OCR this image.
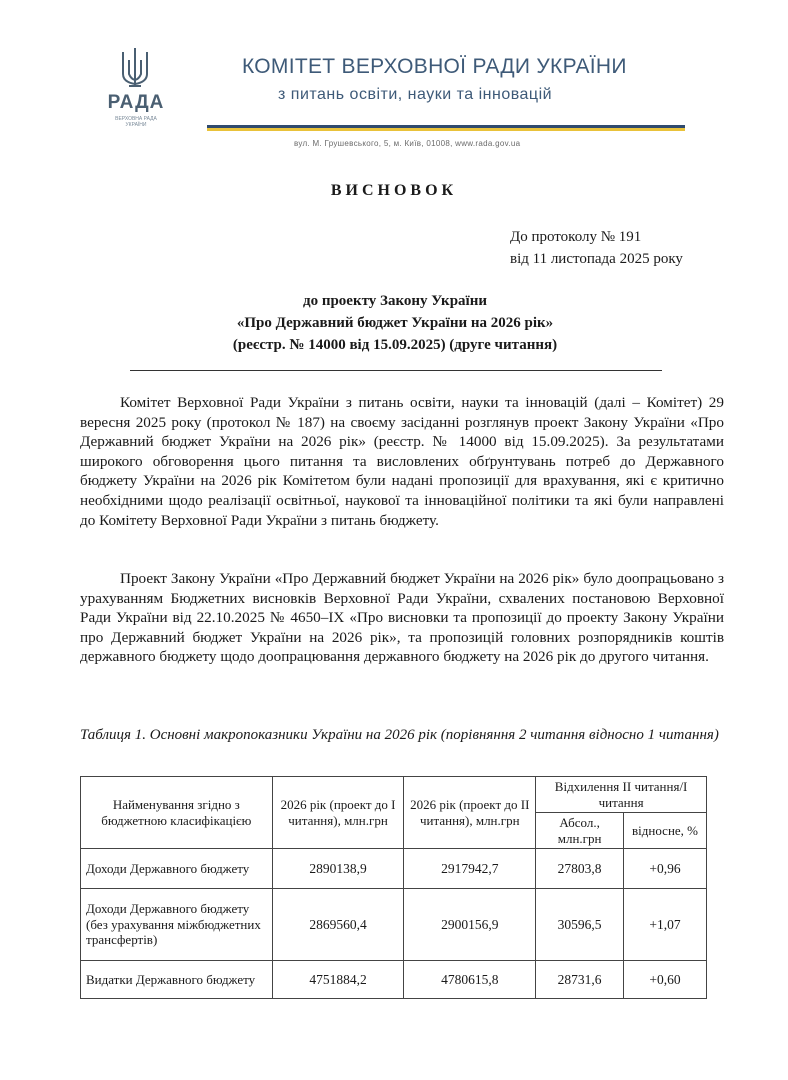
РАДА
ВЕРХОВНА РАДА УКРАЇНИ
КОМІТЕТ ВЕРХОВНОЇ РАДИ УКРАЇНИ
з питань освіти, науки та інновацій
вул. М. Грушевського, 5, м. Київ, 01008, www.rada.gov.ua
ВИСНОВОК
До протоколу № 191
від 11 листопада 2025 року
до проекту Закону України
«Про Державний бюджет України на 2026 рік»
(реєстр. № 14000 від 15.09.2025) (друге читання)
Комітет Верховної Ради України з питань освіти, науки та інновацій (далі – Комітет) 29 вересня 2025 року (протокол № 187) на своєму засіданні розглянув проект Закону України «Про Державний бюджет України на 2026 рік» (реєстр. № 14000 від 15.09.2025). За результатами широкого обговорення цього питання та висловлених обґрунтувань потреб до Державного бюджету України на 2026 рік Комітетом були надані пропозиції для врахування, які є критично необхідними щодо реалізації освітньої, наукової та інноваційної політики та які були направлені до Комітету Верховної Ради України з питань бюджету.
Проект Закону України «Про Державний бюджет України на 2026 рік» було доопрацьовано з урахуванням Бюджетних висновків Верховної Ради України, схвалених постановою Верховної Ради України від 22.10.2025 № 4650–IX «Про висновки та пропозиції до проекту Закону України про Державний бюджет України на 2026 рік», та пропозицій головних розпорядників коштів державного бюджету щодо доопрацювання державного бюджету на 2026 рік до другого читання.
Таблиця 1. Основні макропоказники України на 2026 рік (порівняння 2 читання відносно 1 читання)
Найменування згідно з бюджетною класифікацією	2026 рік (проект до І читання), млн.грн	2026 рік (проект до ІІ читання), млн.грн	Відхилення ІІ читання/І читання	
			Абсол., млн.грн	відносне, %
Доходи Державного бюджету	2890138,9	2917942,7	27803,8	+0,96
Доходи Державного бюджету (без урахування міжбюджетних трансфертів)	2869560,4	2900156,9	30596,5	+1,07
Видатки Державного бюджету	4751884,2	4780615,8	28731,6	+0,60
